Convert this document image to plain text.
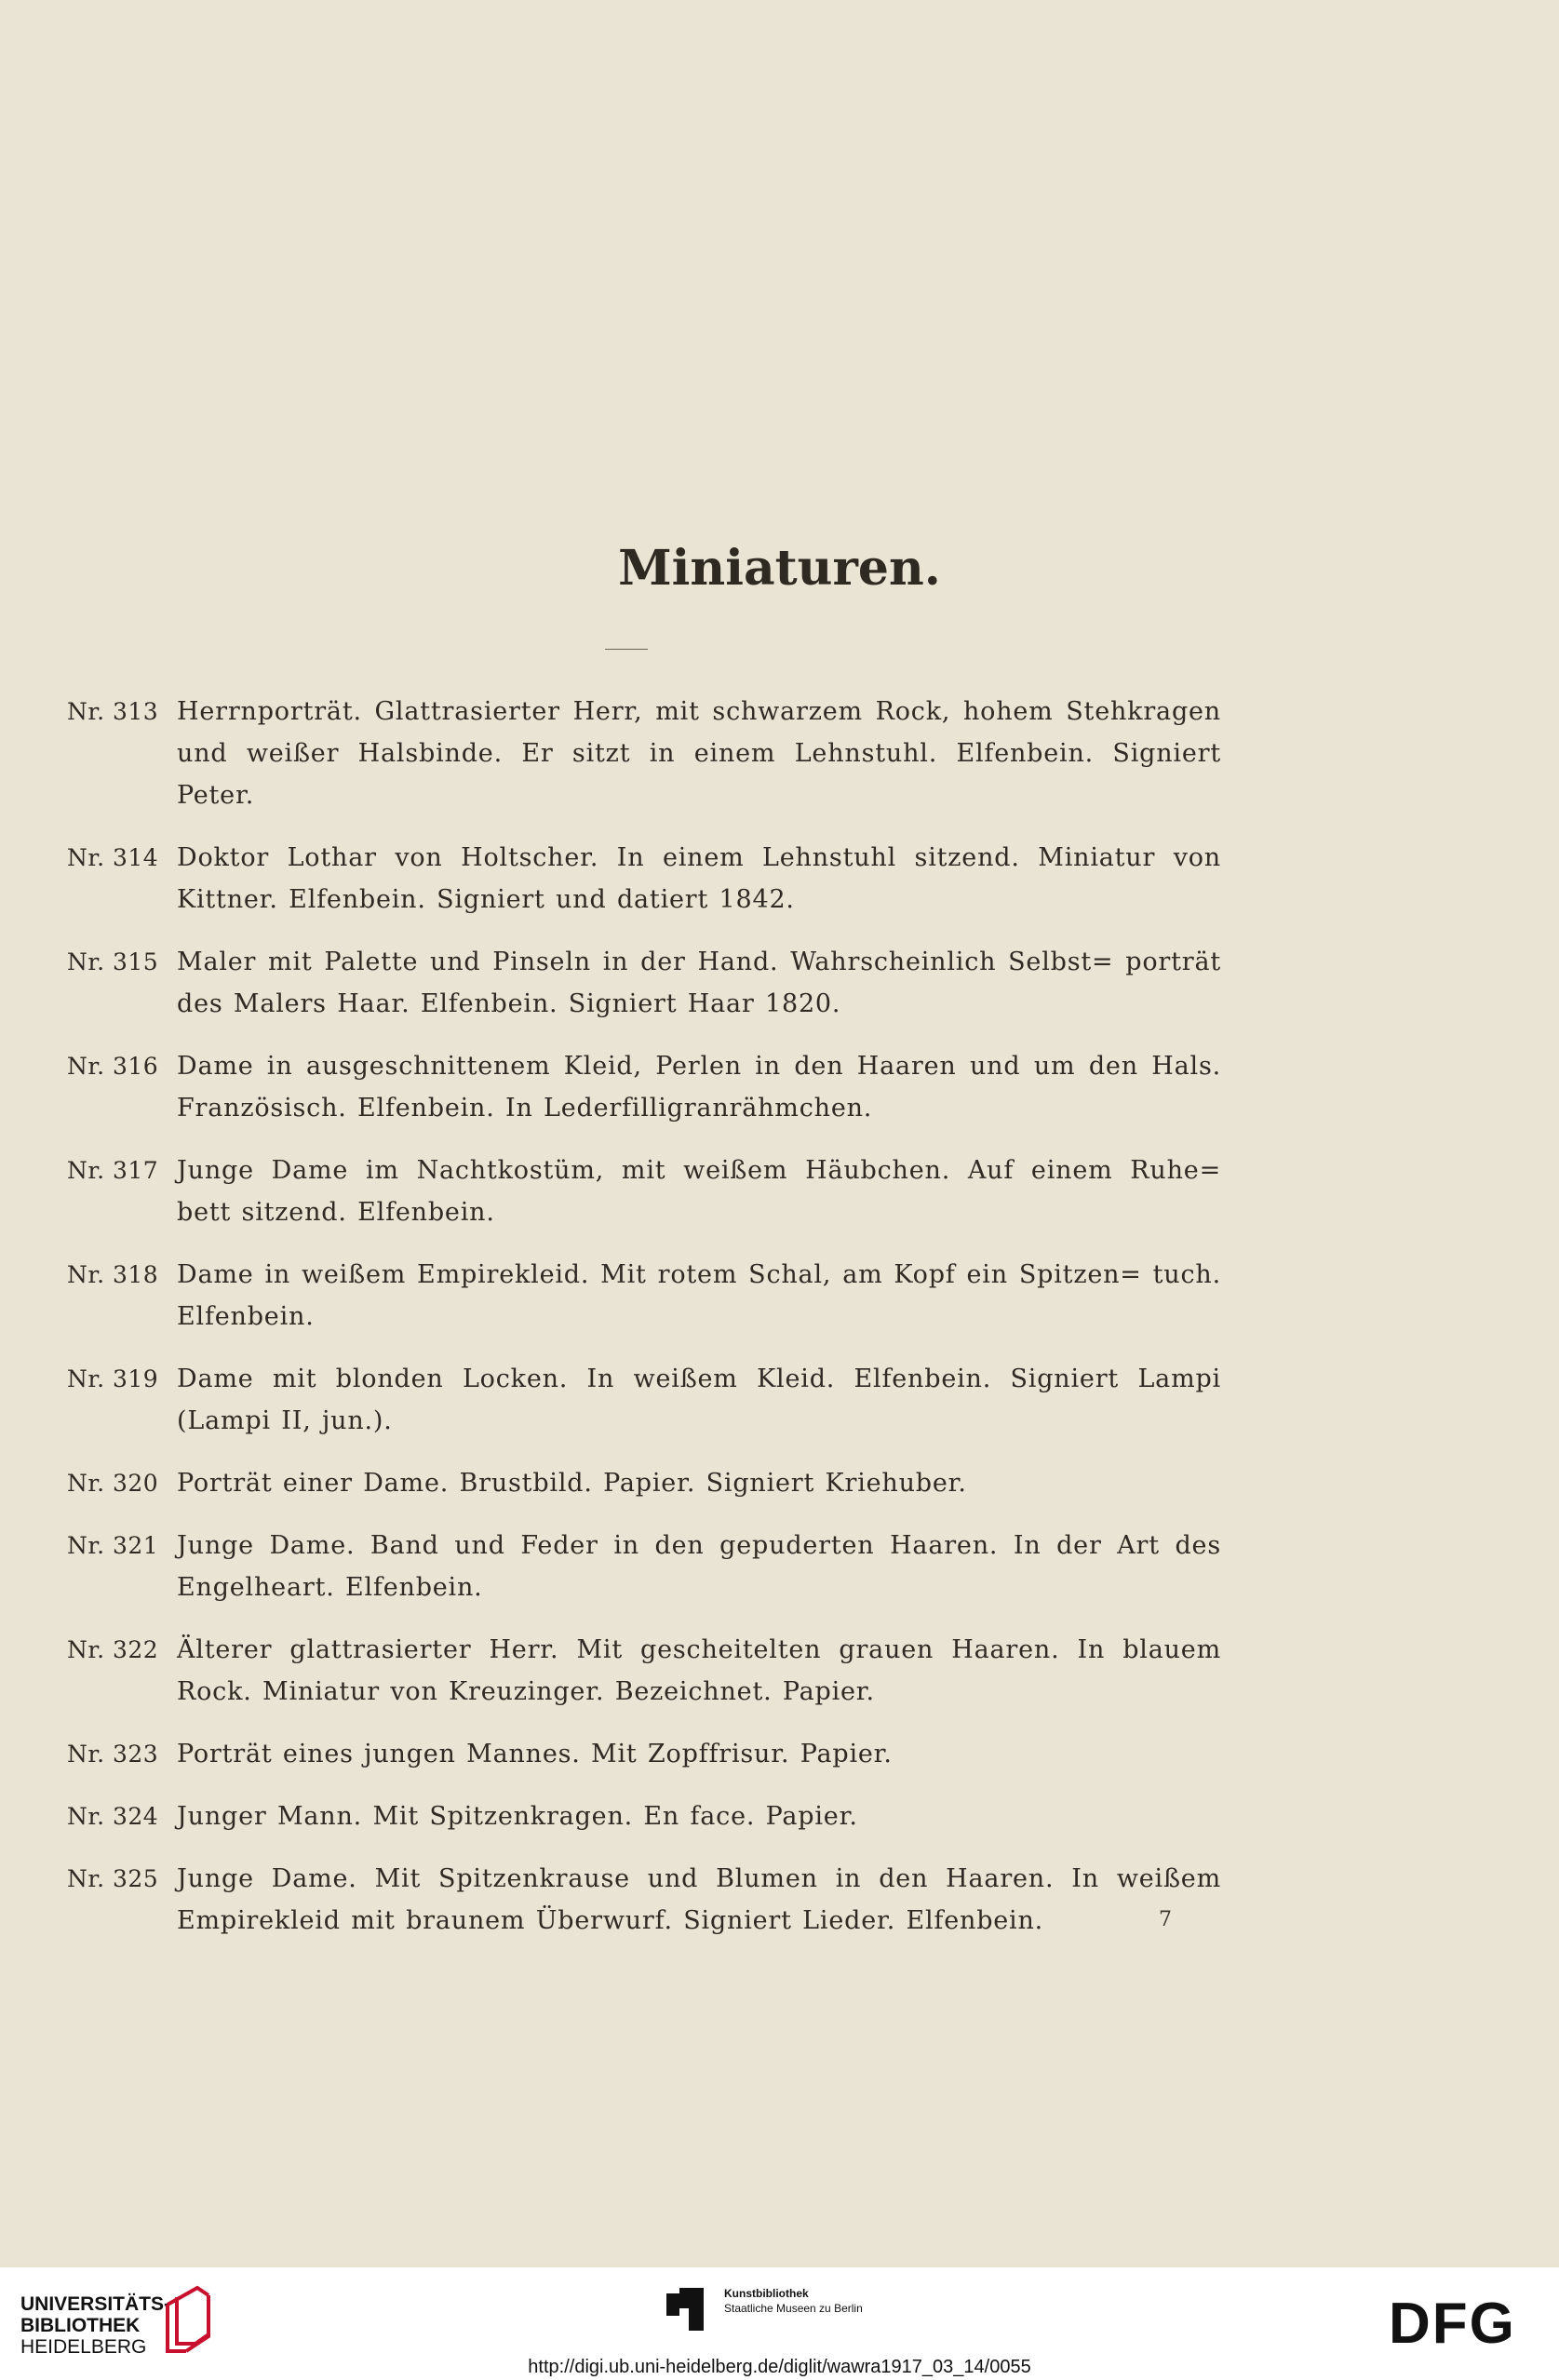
Miniaturen.
Nr. 313 Herrnporträt. Glattrasierter Herr, mit schwarzem Rock, hohem Stehkragen und weißer Halsbinde. Er sitzt in einem Lehnstuhl. Elfenbein. Signiert Peter.
Nr. 314 Doktor Lothar von Holtscher. In einem Lehnstuhl sitzend. Miniatur von Kittner. Elfenbein. Signiert und datiert 1842.
Nr. 315 Maler mit Palette und Pinseln in der Hand. Wahrscheinlich Selbst= porträt des Malers Haar. Elfenbein. Signiert Haar 1820.
Nr. 316 Dame in ausgeschnittenem Kleid, Perlen in den Haaren und um den Hals. Französisch. Elfenbein. In Lederfilligranrähmchen.
Nr. 317 Junge Dame im Nachtkostüm, mit weißem Häubchen. Auf einem Ruhe= bett sitzend. Elfenbein.
Nr. 318 Dame in weißem Empirekleid. Mit rotem Schal, am Kopf ein Spitzen= tuch. Elfenbein.
Nr. 319 Dame mit blonden Locken. In weißem Kleid. Elfenbein. Signiert Lampi (Lampi II, jun.).
Nr. 320 Porträt einer Dame. Brustbild. Papier. Signiert Kriehuber.
Nr. 321 Junge Dame. Band und Feder in den gepuderten Haaren. In der Art des Engelheart. Elfenbein.
Nr. 322 Älterer glattrasierter Herr. Mit gescheitelten grauen Haaren. In blauem Rock. Miniatur von Kreuzinger. Bezeichnet. Papier.
Nr. 323 Porträt eines jungen Mannes. Mit Zopffrisur. Papier.
Nr. 324 Junger Mann. Mit Spitzenkragen. En face. Papier.
Nr. 325 Junge Dame. Mit Spitzenkrause und Blumen in den Haaren. In weißem Empirekleid mit braunem Überwurf. Signiert Lieder. Elfenbein.	7
UNIVERSITÄTS-
BIBLIOTHEK
HEIDELBERG
Kunstbibliothek
Staatliche Museen zu Berlin	DFG
http://digi.ub.uni-heidelberg.de/diglit/wawra1917_03_14/0055
